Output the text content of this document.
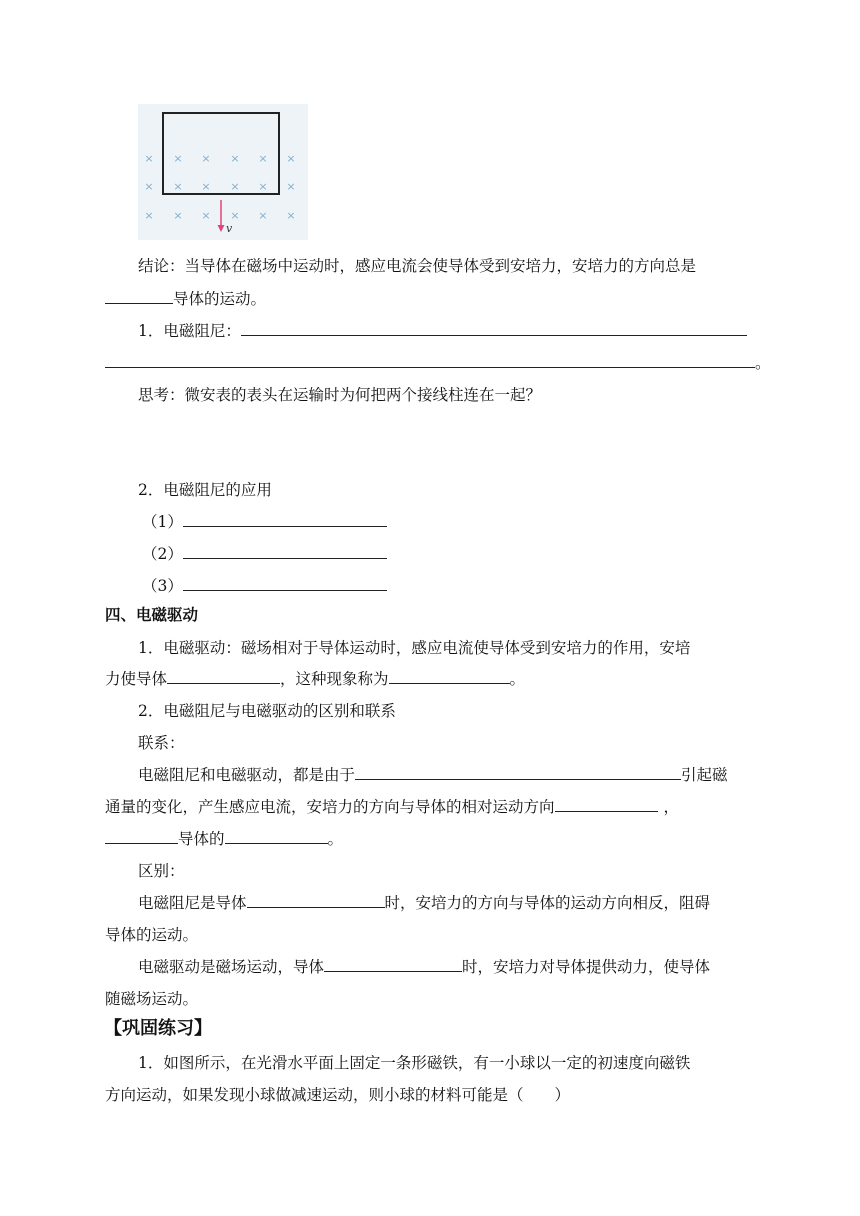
× × × × × ×
× × × × × ×
× × × × × ×
v
结论：当导体在磁场中运动时，感应电流会使导体受到安培力，安培力的方向总是
导体的运动。
1．电磁阻尼：
。
思考：微安表的表头在运输时为何把两个接线柱连在一起？
2．电磁阻尼的应用
（1）
（2）
（3）
四、电磁驱动
1．电磁驱动：磁场相对于导体运动时，感应电流使导体受到安培力的作用，安培
力使导体	，这种现象称为	。
2．电磁阻尼与电磁驱动的区别和联系
联系：
电磁阻尼和电磁驱动，都是由于	引起磁
通量的变化，产生感应电流，安培力的方向与导体的相对运动方向	，
导体的	。
区别：
电磁阻尼是导体	时，安培力的方向与导体的运动方向相反，阻碍
导体的运动。
电磁驱动是磁场运动，导体	时，安培力对导体提供动力，使导体
随磁场运动。
【巩固练习】
1．如图所示，在光滑水平面上固定一条形磁铁，有一小球以一定的初速度向磁铁
方向运动，如果发现小球做减速运动，则小球的材料可能是（　　）
